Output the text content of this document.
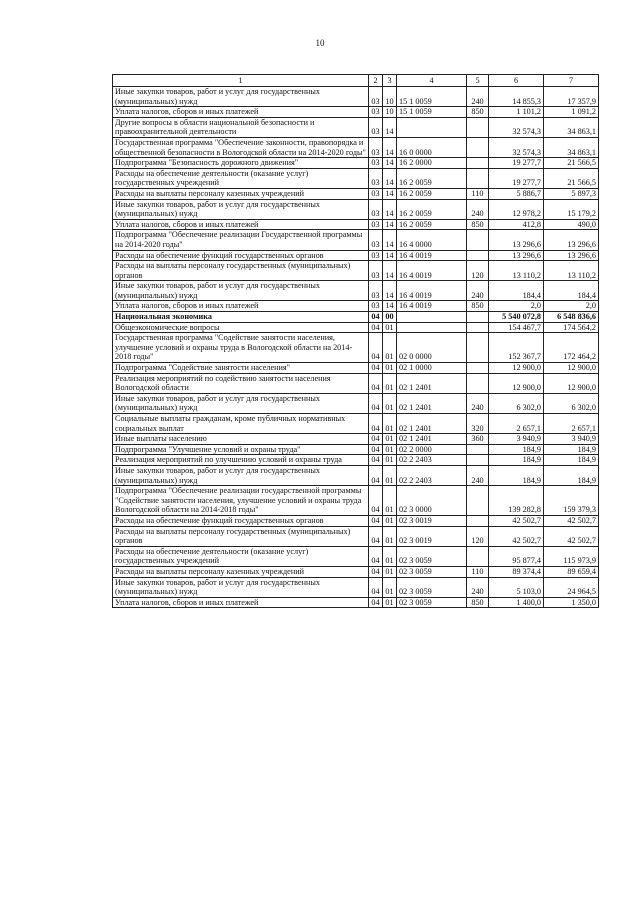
10
1	2	3	4	5	6	7
Иные закупки товаров, работ и услуг для государственных (муниципальных) нужд	03	10	15 1 0059	240	14 855,3	17 357,9
Уплата налогов, сборов и иных платежей	03	10	15 1 0059	850	1 101,2	1 091,2
Другие вопросы в области национальной безопасности и правоохранительной деятельности	03	14			32 574,3	34 863,1
Государственная программа "Обеспечение законности, правопорядка и общественной безопасности в Вологодской области на 2014-2020 годы"	03	14	16 0 0000		32 574,3	34 863,1
Подпрограмма "Безопасность дорожного движения"	03	14	16 2 0000		19 277,7	21 566,5
Расходы на обеспечение деятельности (оказание услуг) государственных учреждений	03	14	16 2 0059		19 277,7	21 566,5
Расходы на выплаты персоналу казенных учреждений	03	14	16 2 0059	110	5 886,7	5 897,3
Иные закупки товаров, работ и услуг для государственных (муниципальных) нужд	03	14	16 2 0059	240	12 978,2	15 179,2
Уплата налогов, сборов и иных платежей	03	14	16 2 0059	850	412,8	490,0
Подпрограмма "Обеспечение реализации Государственной программы на 2014-2020 годы"	03	14	16 4 0000		13 296,6	13 296,6
Расходы на обеспечение функций государственных органов	03	14	16 4 0019		13 296,6	13 296,6
Расходы на выплаты персоналу государственных (муниципальных) органов	03	14	16 4 0019	120	13 110,2	13 110,2
Иные закупки товаров, работ и услуг для государственных (муниципальных) нужд	03	14	16 4 0019	240	184,4	184,4
Уплата налогов, сборов и иных платежей	03	14	16 4 0019	850	2,0	2,0
Национальная экономика	04	00			5 540 072,8	6 548 836,6
Общеэкономические вопросы	04	01			154 467,7	174 564,2
Государственная программа "Содействие занятости населения, улучшение условий и охраны труда в Вологодской области на 2014-2018 годы"	04	01	02 0 0000		152 367,7	172 464,2
Подпрограмма "Содействие занятости населения"	04	01	02 1 0000		12 900,0	12 900,0
Реализация мероприятий по содействию занятости населения Вологодской области	04	01	02 1 2401		12 900,0	12 900,0
Иные закупки товаров, работ и услуг для государственных (муниципальных) нужд	04	01	02 1 2401	240	6 302,0	6 302,0
Социальные выплаты гражданам, кроме публичных нормативных социальных выплат	04	01	02 1 2401	320	2 657,1	2 657,1
Иные выплаты населению	04	01	02 1 2401	360	3 940,9	3 940,9
Подпрограмма "Улучшение условий и охраны труда"	04	01	02 2 0000		184,9	184,9
Реализация мероприятий по улучшению условий и охраны труда	04	01	02 2 2403		184,9	184,9
Иные закупки товаров, работ и услуг для государственных (муниципальных) нужд	04	01	02 2 2403	240	184,9	184,9
Подпрограмма "Обеспечение реализации государственной программы "Содействие занятости населения, улучшение условий и охраны труда Вологодской области на 2014-2018 годы"	04	01	02 3 0000		139 282,8	159 379,3
Расходы на обеспечение функций государственных органов	04	01	02 3 0019		42 502,7	42 502,7
Расходы на выплаты персоналу государственных (муниципальных) органов	04	01	02 3 0019	120	42 502,7	42 502,7
Расходы на обеспечение деятельности (оказание услуг) государственных учреждений	04	01	02 3 0059		95 877,4	115 973,9
Расходы на выплаты персоналу казенных учреждений	04	01	02 3 0059	110	89 374,4	89 659,4
Иные закупки товаров, работ и услуг для государственных (муниципальных) нужд	04	01	02 3 0059	240	5 103,0	24 964,5
Уплата налогов, сборов и иных платежей	04	01	02 3 0059	850	1 400,0	1 350,0
